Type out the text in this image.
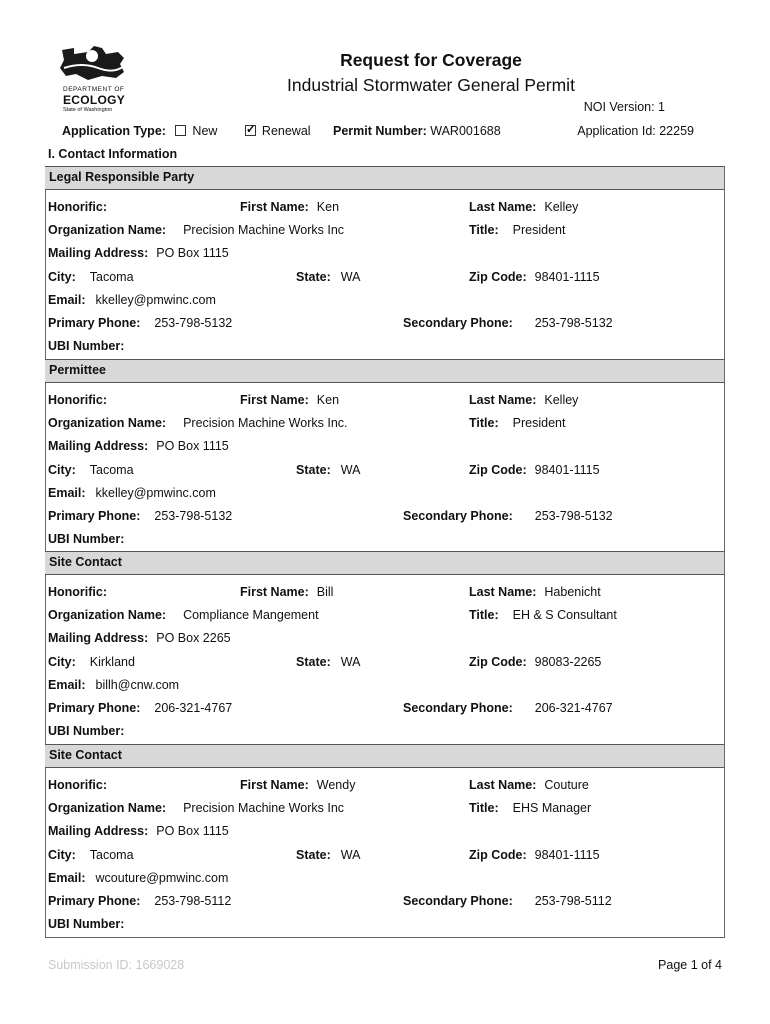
DEPARTMENT OF
ECOLOGY
State of Washington
Request for Coverage
Industrial Stormwater General Permit
NOI Version: 1
Application Type: New ✓	Renewal Permit Number: WAR001688	Application Id: 22259
I. Contact Information
Legal Responsible Party
Honorific:	First Name: Ken	Last Name: Kelley
Organization Name: Precision Machine Works Inc	Title: President
Mailing Address: PO Box 1115
City: Tacoma	State: WA	Zip Code: 98401-1115
Email: kkelley@pmwinc.com
Primary Phone: 253-798-5132	Secondary Phone: 253-798-5132
UBI Number:
Permittee
Honorific:	First Name: Ken	Last Name: Kelley
Organization Name: Precision Machine Works Inc.	Title: President
Mailing Address: PO Box 1115
City: Tacoma	State: WA	Zip Code: 98401-1115
Email: kkelley@pmwinc.com
Primary Phone: 253-798-5132	Secondary Phone: 253-798-5132
UBI Number:
Site Contact
Honorific:	First Name: Bill	Last Name: Habenicht
Organization Name: Compliance Mangement	Title: EH & S Consultant
Mailing Address: PO Box 2265
City: Kirkland	State: WA	Zip Code: 98083-2265
Email: billh@cnw.com
Primary Phone: 206-321-4767	Secondary Phone: 206-321-4767
UBI Number:
Site Contact
Honorific:	First Name: Wendy	Last Name: Couture
Organization Name: Precision Machine Works Inc	Title: EHS Manager
Mailing Address: PO Box 1115
City: Tacoma	State: WA	Zip Code: 98401-1115
Email: wcouture@pmwinc.com
Primary Phone: 253-798-5112	Secondary Phone: 253-798-5112
UBI Number:
Submission ID: 1669028	Page 1 of 4
